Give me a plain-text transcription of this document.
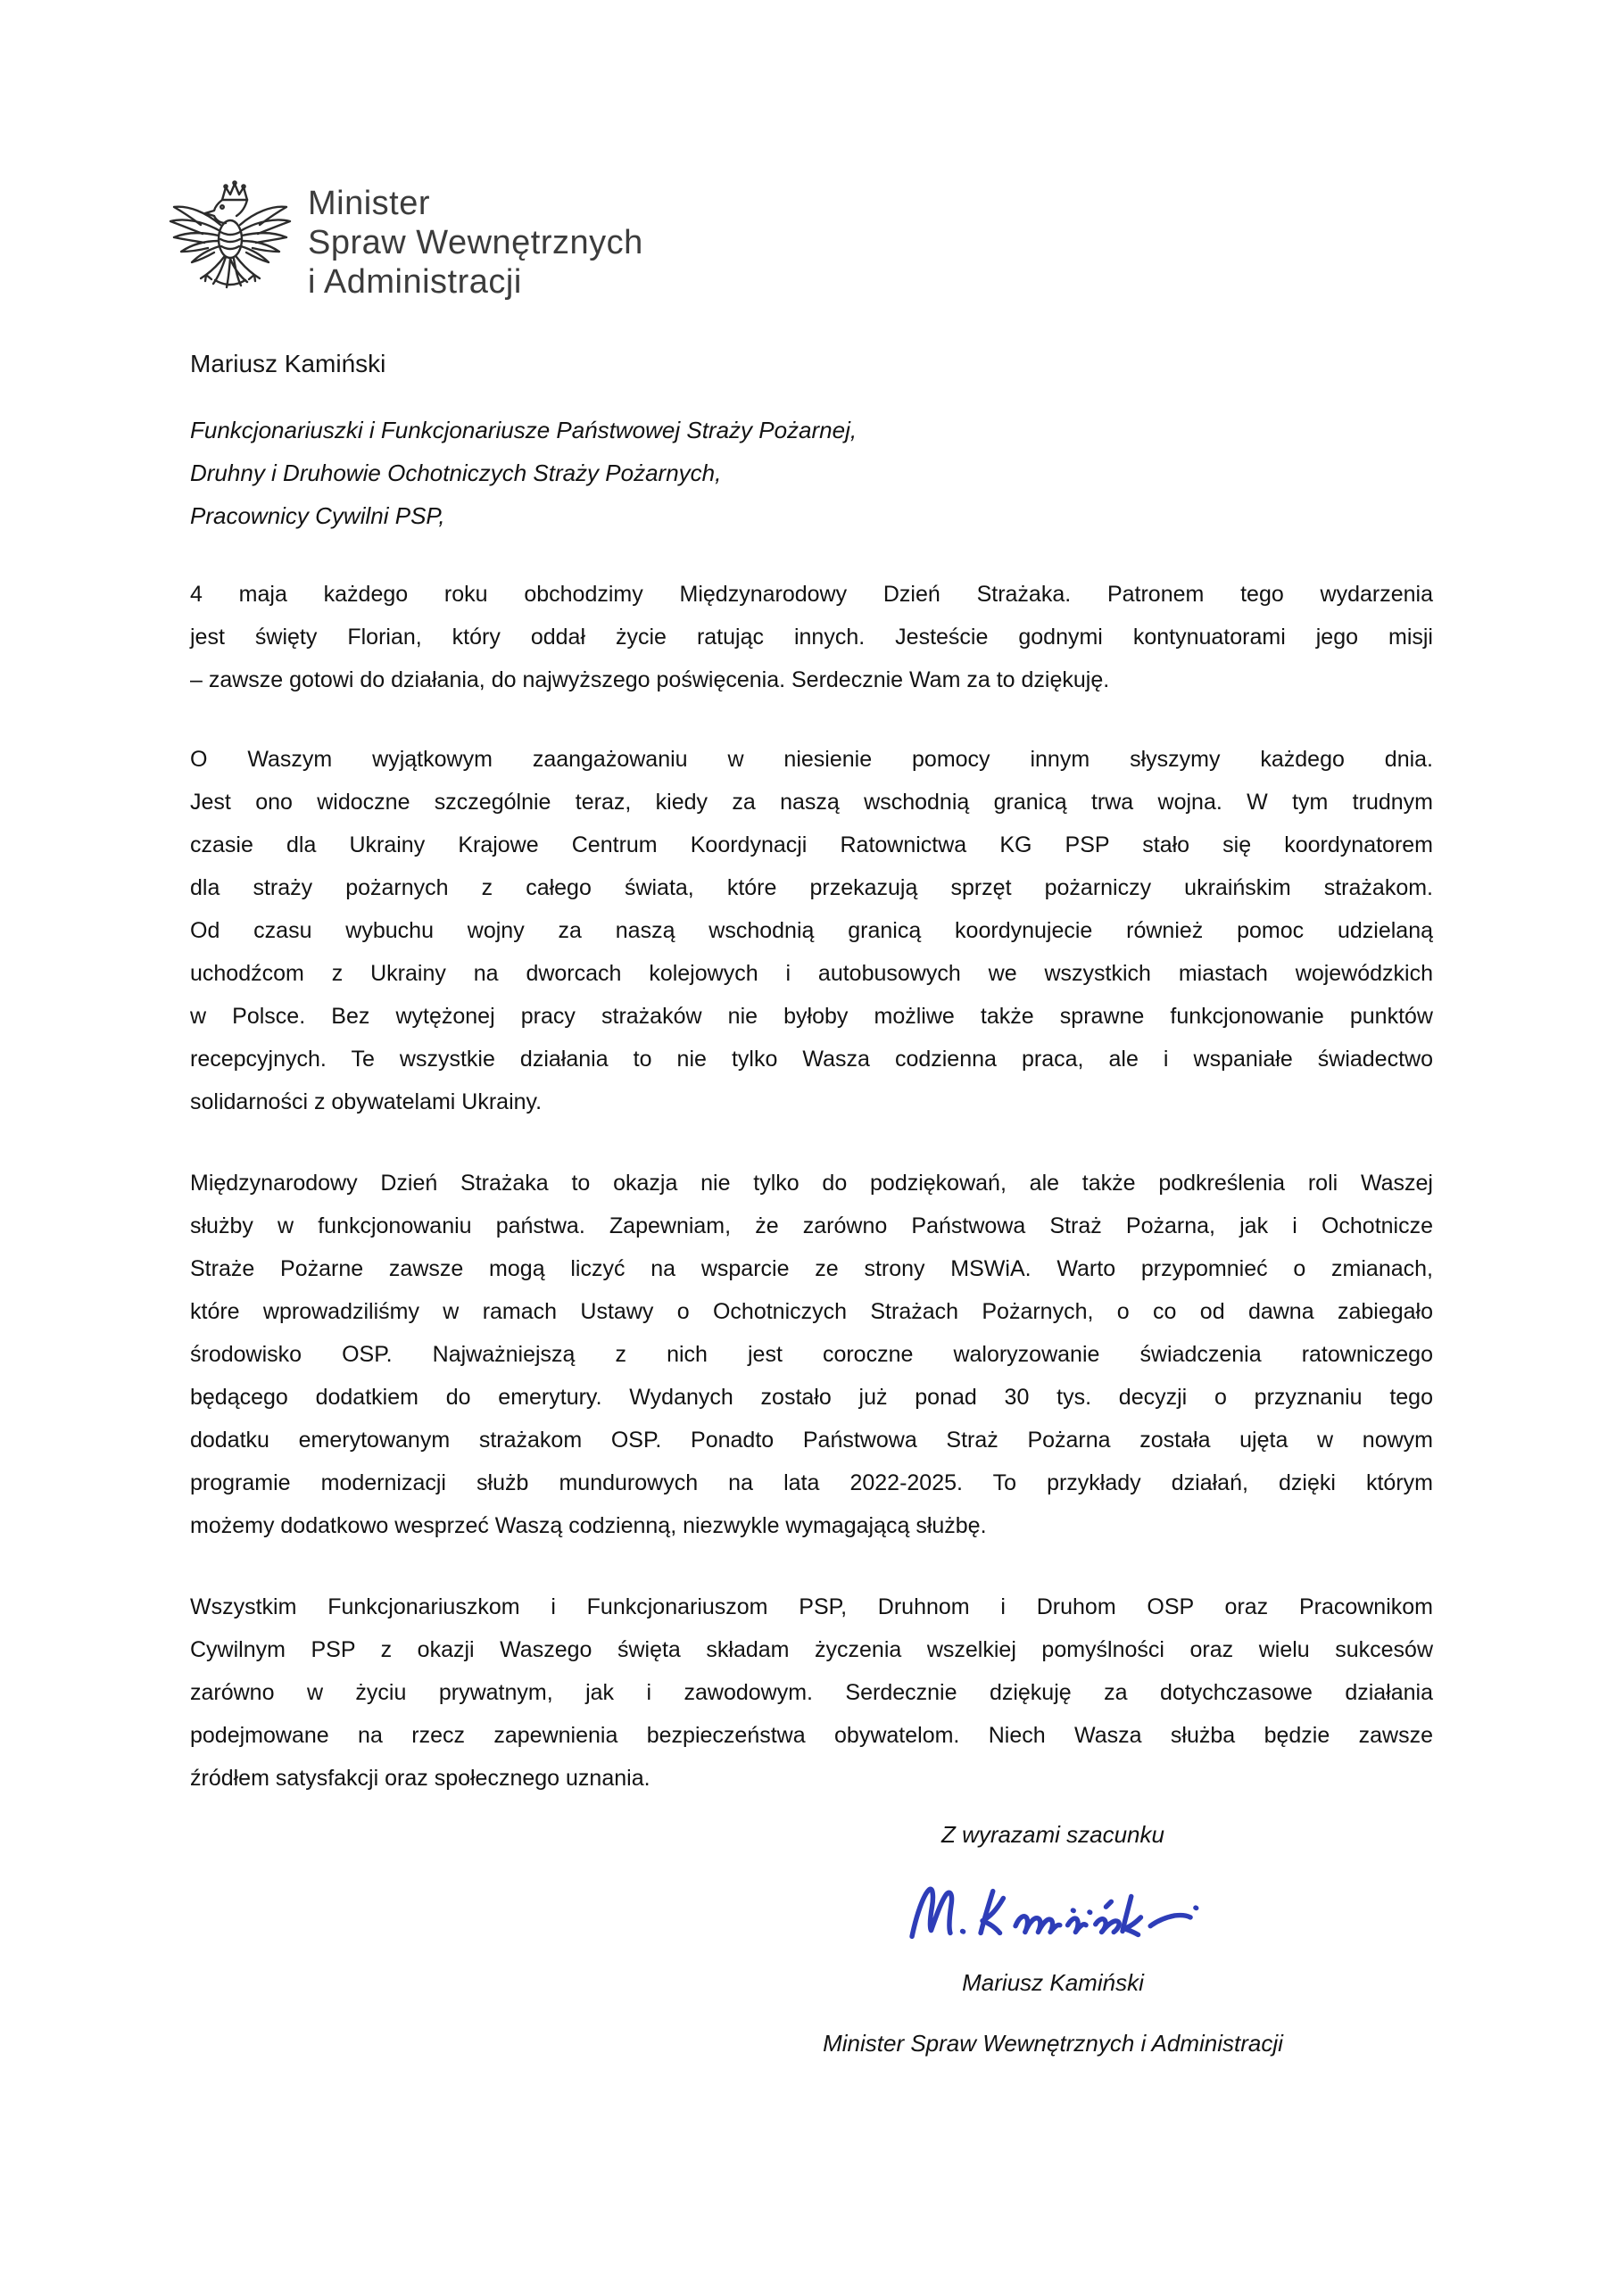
Minister
Spraw Wewnętrznych
i Administracji
Mariusz Kamiński
Funkcjonariuszki i Funkcjonariusze Państwowej Straży Pożarnej,
Druhny i Druhowie Ochotniczych Straży Pożarnych,
Pracownicy Cywilni PSP,
4 maja każdego roku obchodzimy Międzynarodowy Dzień Strażaka. Patronem tego wydarzenia
jest święty Florian, który oddał życie ratując innych. Jesteście godnymi kontynuatorami jego misji
– zawsze gotowi do działania, do najwyższego poświęcenia. Serdecznie Wam za to dziękuję.
O Waszym wyjątkowym zaangażowaniu w niesienie pomocy innym słyszymy każdego dnia.
Jest ono widoczne szczególnie teraz, kiedy za naszą wschodnią granicą trwa wojna. W tym trudnym
czasie dla Ukrainy Krajowe Centrum Koordynacji Ratownictwa KG PSP stało się koordynatorem
dla straży pożarnych z całego świata, które przekazują sprzęt pożarniczy ukraińskim strażakom.
Od czasu wybuchu wojny za naszą wschodnią granicą koordynujecie również pomoc udzielaną
uchodźcom z Ukrainy na dworcach kolejowych i autobusowych we wszystkich miastach wojewódzkich
w Polsce. Bez wytężonej pracy strażaków nie byłoby możliwe także sprawne funkcjonowanie punktów
recepcyjnych. Te wszystkie działania to nie tylko Wasza codzienna praca, ale i wspaniałe świadectwo
solidarności z obywatelami Ukrainy.
Międzynarodowy Dzień Strażaka to okazja nie tylko do podziękowań, ale także podkreślenia roli Waszej
służby w funkcjonowaniu państwa. Zapewniam, że zarówno Państwowa Straż Pożarna, jak i Ochotnicze
Straże Pożarne zawsze mogą liczyć na wsparcie ze strony MSWiA. Warto przypomnieć o zmianach,
które wprowadziliśmy w ramach Ustawy o Ochotniczych Strażach Pożarnych, o co od dawna zabiegało
środowisko OSP. Najważniejszą z nich jest coroczne waloryzowanie świadczenia ratowniczego
będącego dodatkiem do emerytury. Wydanych zostało już ponad 30 tys. decyzji o przyznaniu tego
dodatku emerytowanym strażakom OSP. Ponadto Państwowa Straż Pożarna została ujęta w nowym
programie modernizacji służb mundurowych na lata 2022-2025. To przykłady działań, dzięki którym
możemy dodatkowo wesprzeć Waszą codzienną, niezwykle wymagającą służbę.
Wszystkim Funkcjonariuszkom i Funkcjonariuszom PSP, Druhnom i Druhom OSP oraz Pracownikom
Cywilnym PSP z okazji Waszego święta składam życzenia wszelkiej pomyślności oraz wielu sukcesów
zarówno w życiu prywatnym, jak i zawodowym. Serdecznie dziękuję za dotychczasowe działania
podejmowane na rzecz zapewnienia bezpieczeństwa obywatelom. Niech Wasza służba będzie zawsze
źródłem satysfakcji oraz społecznego uznania.
Z wyrazami szacunku
Mariusz Kamiński
Minister Spraw Wewnętrznych i Administracji
